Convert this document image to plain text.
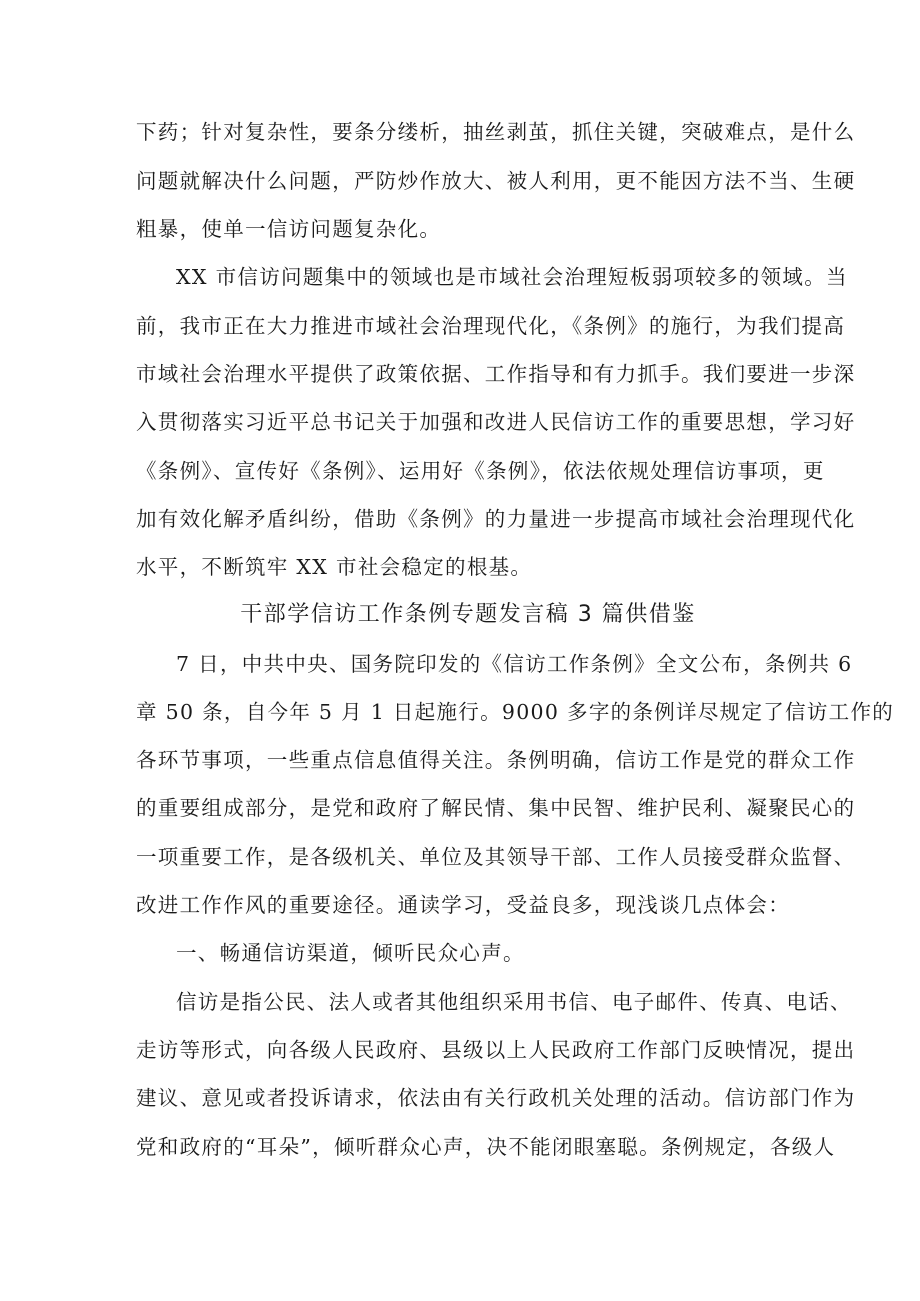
下药；针对复杂性，要条分缕析，抽丝剥茧，抓住关键，突破难点，是什么
问题就解决什么问题，严防炒作放大、被人利用，更不能因方法不当、生硬
粗暴，使单一信访问题复杂化。
XX 市信访问题集中的领域也是市域社会治理短板弱项较多的领域。当
前，我市正在大力推进市域社会治理现代化，《条例》的施行，为我们提高
市域社会治理水平提供了政策依据、工作指导和有力抓手。我们要进一步深
入贯彻落实习近平总书记关于加强和改进人民信访工作的重要思想，学习好
《条例》、宣传好《条例》、运用好《条例》，依法依规处理信访事项，更
加有效化解矛盾纠纷，借助《条例》的力量进一步提高市域社会治理现代化
水平，不断筑牢 XX 市社会稳定的根基。
干部学信访工作条例专题发言稿 3 篇供借鉴
7 日，中共中央、国务院印发的《信访工作条例》全文公布，条例共 6
章 50 条，自今年 5 月 1 日起施行。9000 多字的条例详尽规定了信访工作的
各环节事项，一些重点信息值得关注。条例明确，信访工作是党的群众工作
的重要组成部分，是党和政府了解民情、集中民智、维护民利、凝聚民心的
一项重要工作，是各级机关、单位及其领导干部、工作人员接受群众监督、
改进工作作风的重要途径。通读学习，受益良多，现浅谈几点体会：
一、畅通信访渠道，倾听民众心声。
信访是指公民、法人或者其他组织采用书信、电子邮件、传真、电话、
走访等形式，向各级人民政府、县级以上人民政府工作部门反映情况，提出
建议、意见或者投诉请求，依法由有关行政机关处理的活动。信访部门作为
党和政府的“耳朵”，倾听群众心声，决不能闭眼塞聪。条例规定，各级人
